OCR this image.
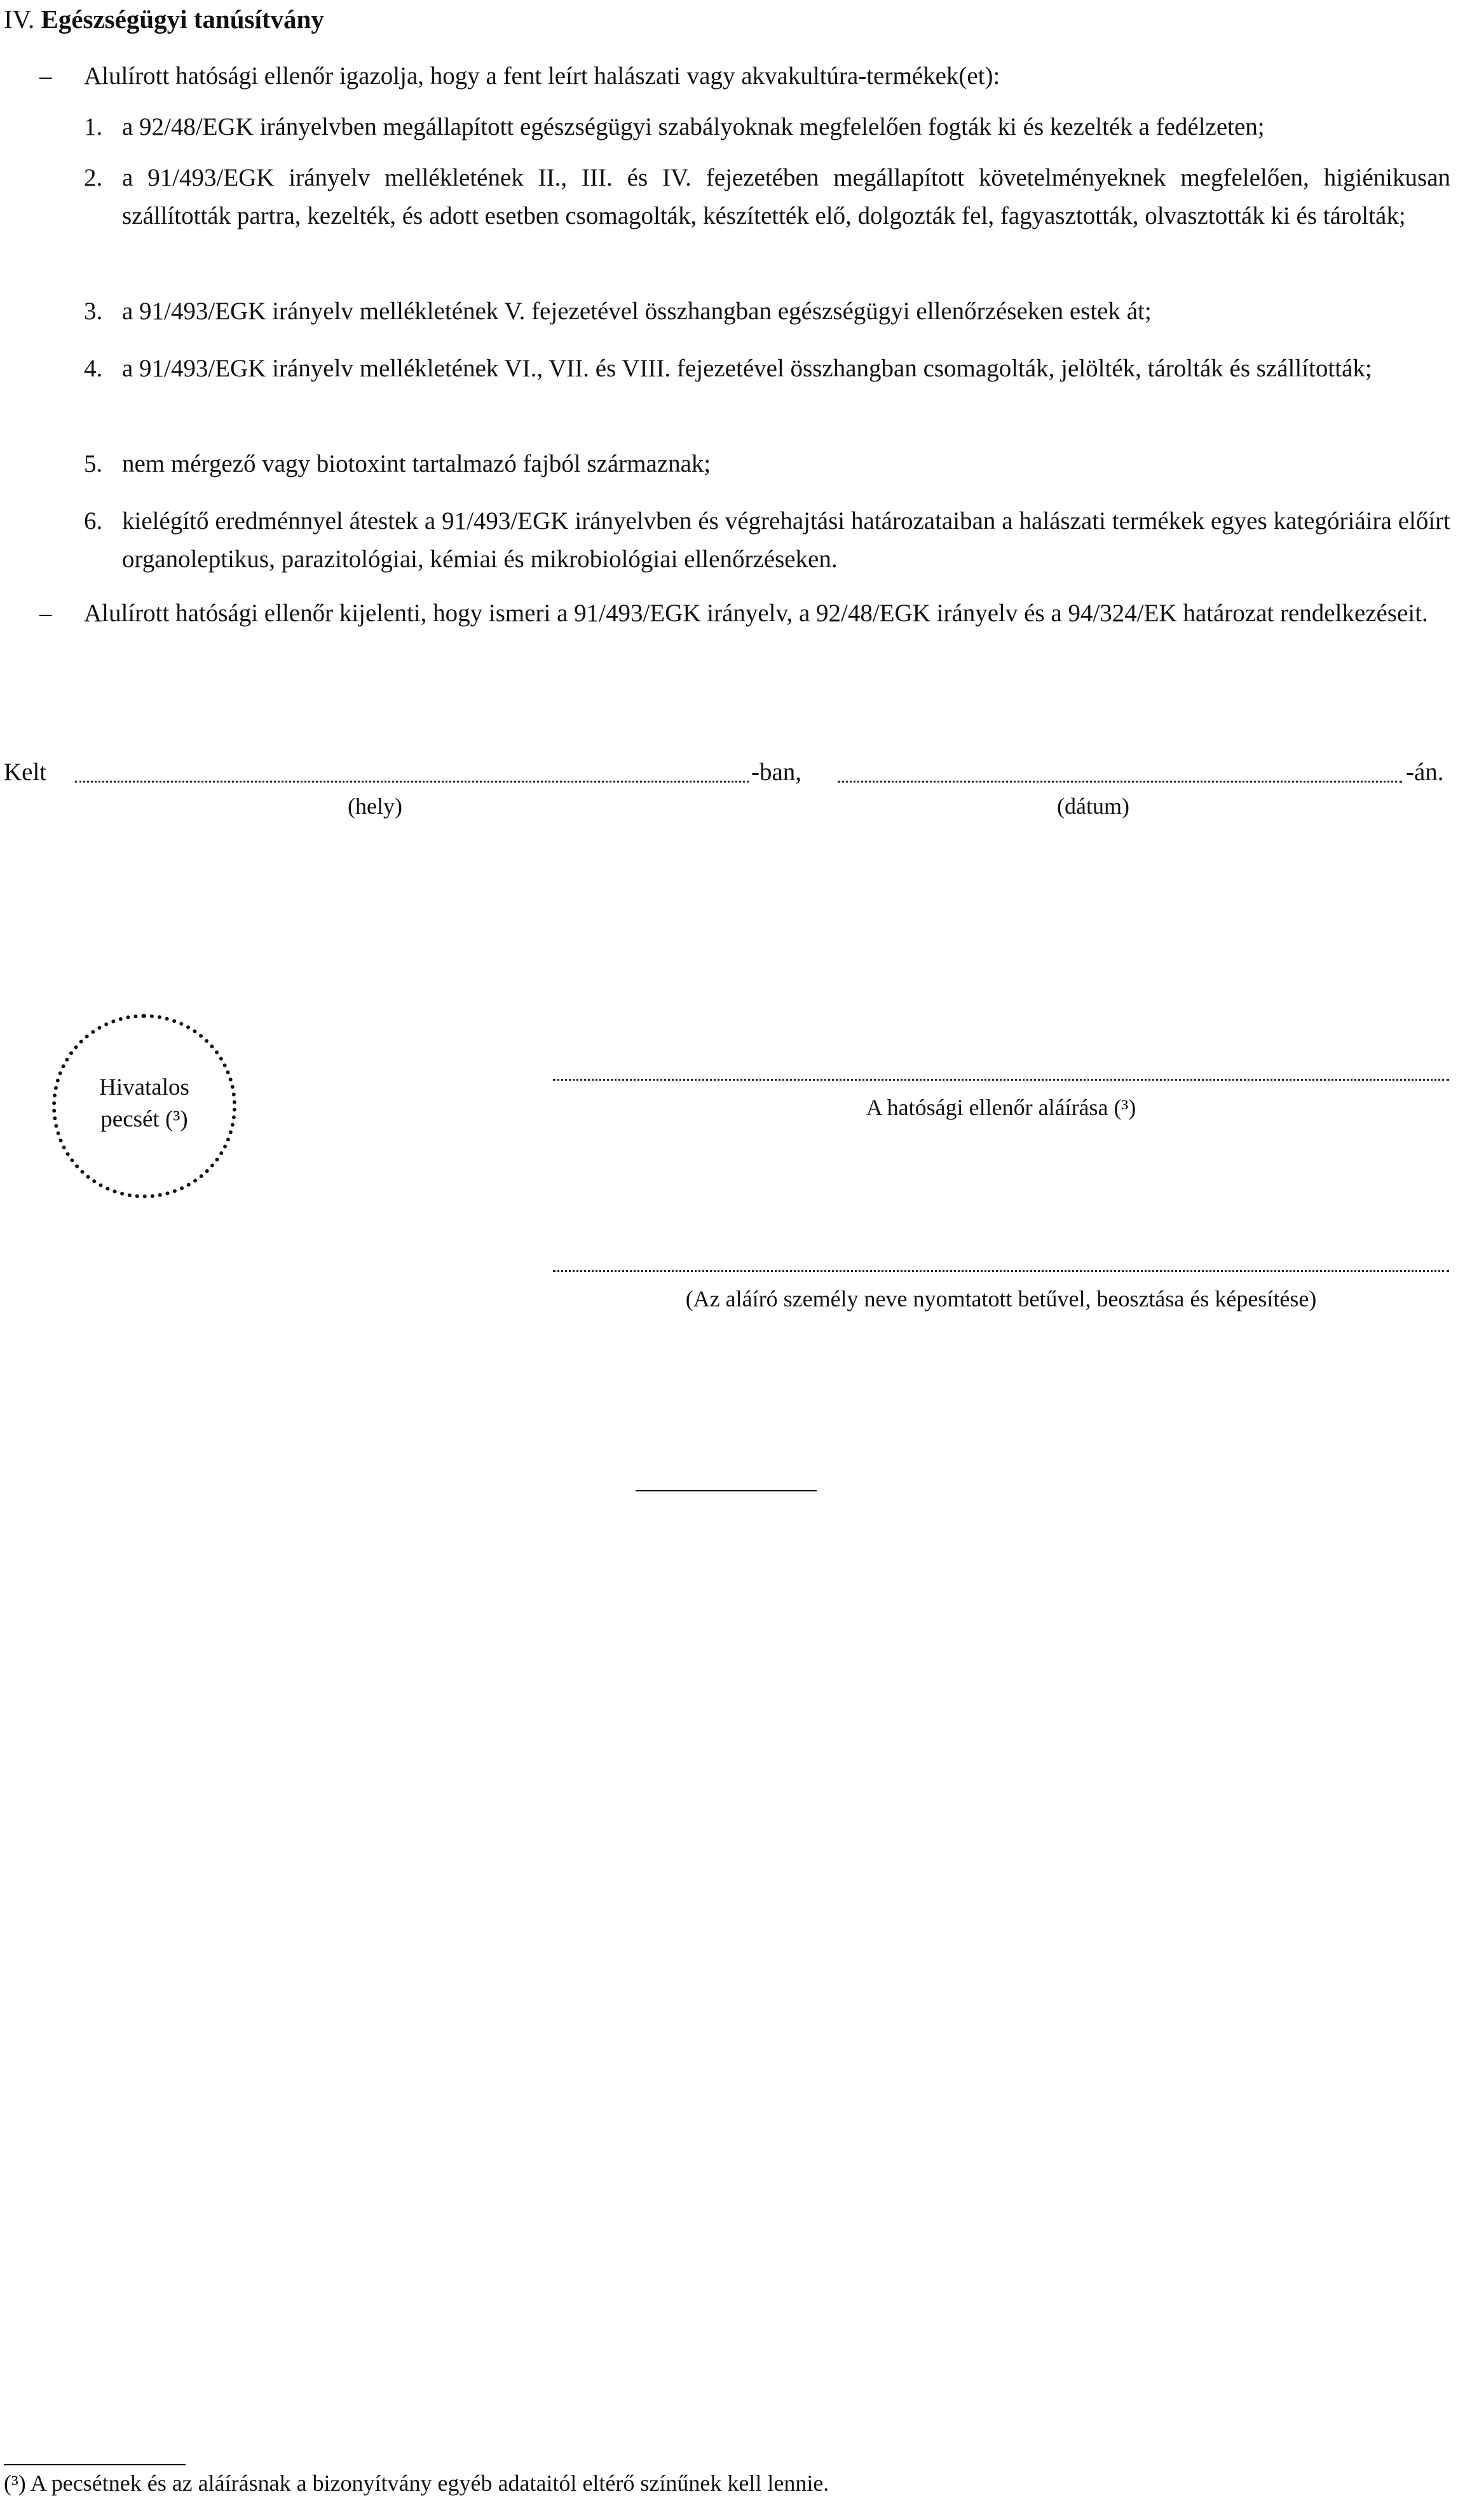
IV. Egészségügyi tanúsítvány
– Alulírott hatósági ellenőr igazolja, hogy a fent leírt halászati vagy akvakultúra-termékek(et):
1. a 92/48/EGK irányelvben megállapított egészségügyi szabályoknak megfelelően fogták ki és kezelték a fedélzeten;
2. a 91/493/EGK irányelv mellékletének II., III. és IV. fejezetében megállapított követelményeknek megfelelően, higiénikusan szállították partra, kezelték, és adott esetben csomagolták, készítették elő, dolgozták fel, fagyasztották, olvasztották ki és tárolták;
3. a 91/493/EGK irányelv mellékletének V. fejezetével összhangban egészségügyi ellenőrzéseken estek át;
4. a 91/493/EGK irányelv mellékletének VI., VII. és VIII. fejezetével összhangban csomagolták, jelölték, tárolták és szállították;
5. nem mérgező vagy biotoxint tartalmazó fajból származnak;
6. kielégítő eredménnyel átestek a 91/493/EGK irányelvben és végrehajtási határozataiban a halászati termékek egyes kategóriáira előírt organoleptikus, parazitológiai, kémiai és mikrobiológiai ellenőrzéseken.
– Alulírott hatósági ellenőr kijelenti, hogy ismeri a 91/493/EGK irányelv, a 92/48/EGK irányelv és a 94/324/EK határozat rendelkezéseit.
Kelt	-ban,	-án.
(hely)	(dátum)
Hivatalos
pecsét (³)	A hatósági ellenőr aláírása (³)
(Az aláíró személy neve nyomtatott betűvel, beosztása és képesítése)
(³) A pecsétnek és az aláírásnak a bizonyítvány egyéb adataitól eltérő színűnek kell lennie.
